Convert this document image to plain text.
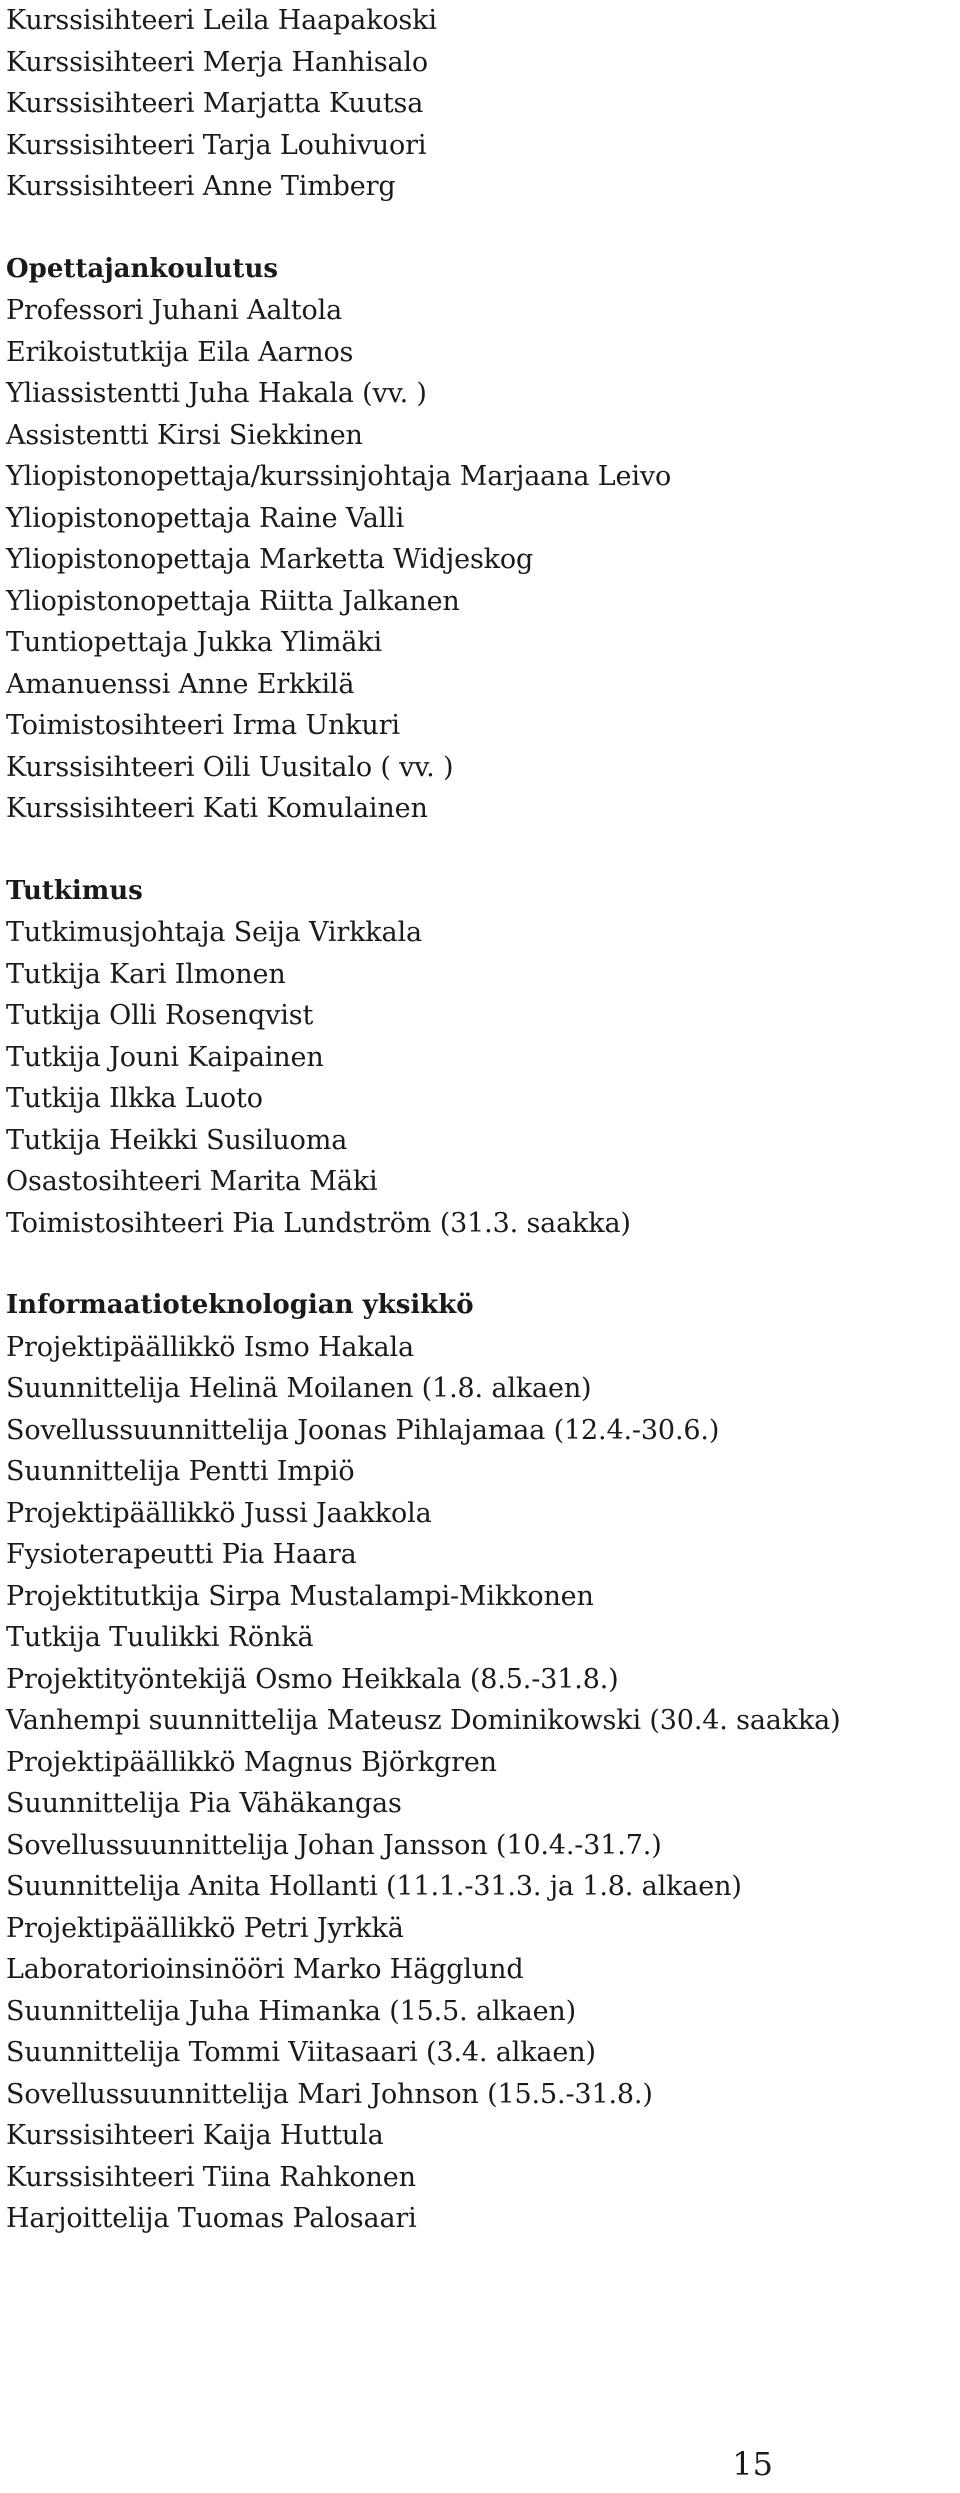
Kurssisihteeri Leila Haapakoski
Kurssisihteeri Merja Hanhisalo
Kurssisihteeri Marjatta Kuutsa
Kurssisihteeri Tarja Louhivuori
Kurssisihteeri Anne Timberg
Opettajankoulutus
Professori Juhani Aaltola
Erikoistutkija Eila Aarnos
Yliassistentti Juha Hakala (vv. )
Assistentti Kirsi Siekkinen
Yliopistonopettaja/kurssinjohtaja Marjaana Leivo
Yliopistonopettaja Raine Valli
Yliopistonopettaja Marketta Widjeskog
Yliopistonopettaja Riitta Jalkanen
Tuntiopettaja Jukka Ylimäki
Amanuenssi Anne Erkkilä
Toimistosihteeri Irma Unkuri
Kurssisihteeri Oili Uusitalo ( vv. )
Kurssisihteeri Kati Komulainen
Tutkimus
Tutkimusjohtaja Seija Virkkala
Tutkija Kari Ilmonen
Tutkija Olli Rosenqvist
Tutkija Jouni Kaipainen
Tutkija Ilkka Luoto
Tutkija Heikki Susiluoma
Osastosihteeri Marita Mäki
Toimistosihteeri Pia Lundström (31.3. saakka)
Informaatioteknologian yksikkö
Projektipäällikkö Ismo Hakala
Suunnittelija Helinä Moilanen (1.8. alkaen)
Sovellussuunnittelija Joonas Pihlajamaa (12.4.-30.6.)
Suunnittelija Pentti Impiö
Projektipäällikkö Jussi Jaakkola
Fysioterapeutti Pia Haara
Projektitutkija Sirpa Mustalampi-Mikkonen
Tutkija Tuulikki Rönkä
Projektityöntekijä Osmo Heikkala (8.5.-31.8.)
Vanhempi suunnittelija Mateusz Dominikowski (30.4. saakka)
Projektipäällikkö Magnus Björkgren
Suunnittelija Pia Vähäkangas
Sovellussuunnittelija Johan Jansson (10.4.-31.7.)
Suunnittelija Anita Hollanti (11.1.-31.3. ja 1.8. alkaen)
Projektipäällikkö Petri Jyrkkä
Laboratorioinsinööri Marko Hägglund
Suunnittelija Juha Himanka (15.5. alkaen)
Suunnittelija Tommi Viitasaari (3.4. alkaen)
Sovellussuunnittelija Mari Johnson (15.5.-31.8.)
Kurssisihteeri Kaija Huttula
Kurssisihteeri Tiina Rahkonen
Harjoittelija Tuomas Palosaari
15
